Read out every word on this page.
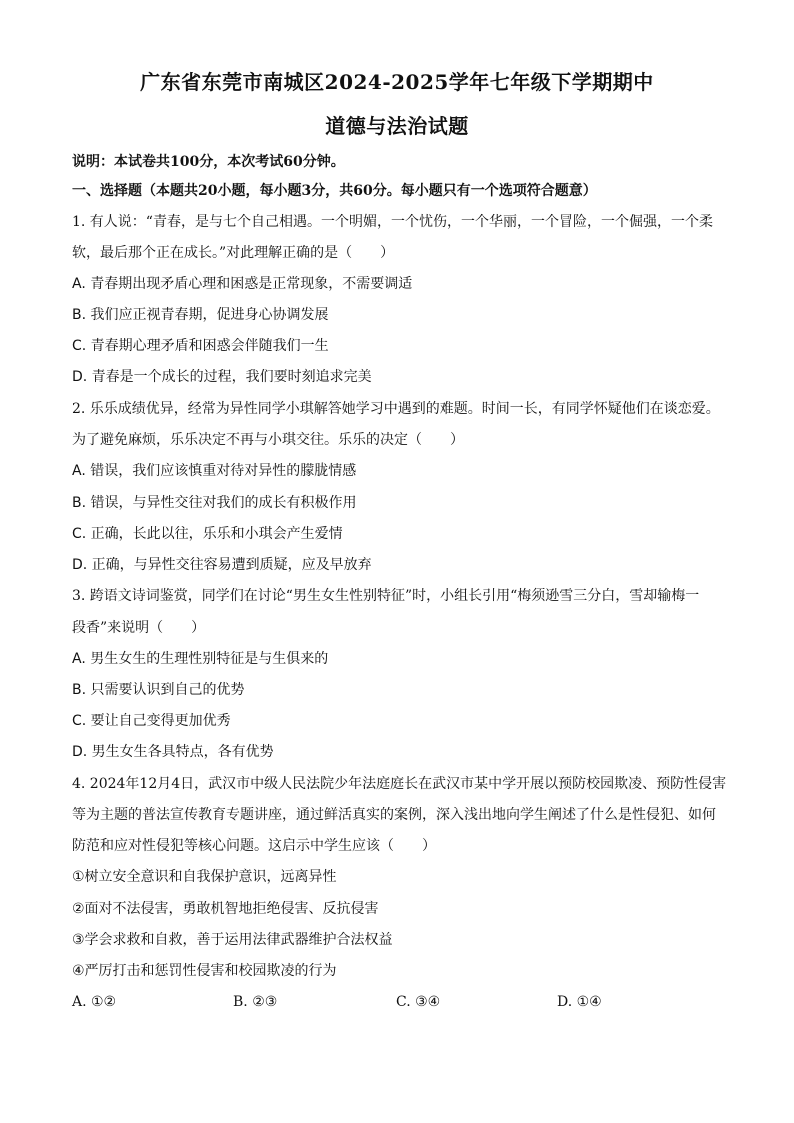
广东省东莞市南城区2024-2025学年七年级下学期期中
道德与法治试题
说明：本试卷共100分，本次考试60分钟。
一、选择题（本题共20小题，每小题3分，共60分。每小题只有一个选项符合题意）
1. 有人说：“青春，是与七个自己相遇。一个明媚，一个忧伤，一个华丽，一个冒险，一个倔强，一个柔
软，最后那个正在成长。”对此理解正确的是（　　）
A. 青春期出现矛盾心理和困惑是正常现象，不需要调适
B. 我们应正视青春期，促进身心协调发展
C. 青春期心理矛盾和困惑会伴随我们一生
D. 青春是一个成长的过程，我们要时刻追求完美
2. 乐乐成绩优异，经常为异性同学小琪解答她学习中遇到的难题。时间一长，有同学怀疑他们在谈恋爱。
为了避免麻烦，乐乐决定不再与小琪交往。乐乐的决定（　　）
A. 错误，我们应该慎重对待对异性的朦胧情感
B. 错误，与异性交往对我们的成长有积极作用
C. 正确，长此以往，乐乐和小琪会产生爱情
D. 正确，与异性交往容易遭到质疑，应及早放弃
3. 跨语文诗词鉴赏，同学们在讨论“男生女生性别特征”时，小组长引用“梅须逊雪三分白，雪却输梅一
段香”来说明（　　）
A. 男生女生的生理性别特征是与生俱来的
B. 只需要认识到自己的优势
C. 要让自己变得更加优秀
D. 男生女生各具特点，各有优势
4. 2024年12月4日，武汉市中级人民法院少年法庭庭长在武汉市某中学开展以预防校园欺凌、预防性侵害
等为主题的普法宣传教育专题讲座，通过鲜活真实的案例，深入浅出地向学生阐述了什么是性侵犯、如何
防范和应对性侵犯等核心问题。这启示中学生应该（　　）
①树立安全意识和自我保护意识，远离异性
②面对不法侵害，勇敢机智地拒绝侵害、反抗侵害
③学会求救和自救，善于运用法律武器维护合法权益
④严厉打击和惩罚性侵害和校园欺凌的行为
A. ①②	B. ②③	C. ③④	D. ①④
